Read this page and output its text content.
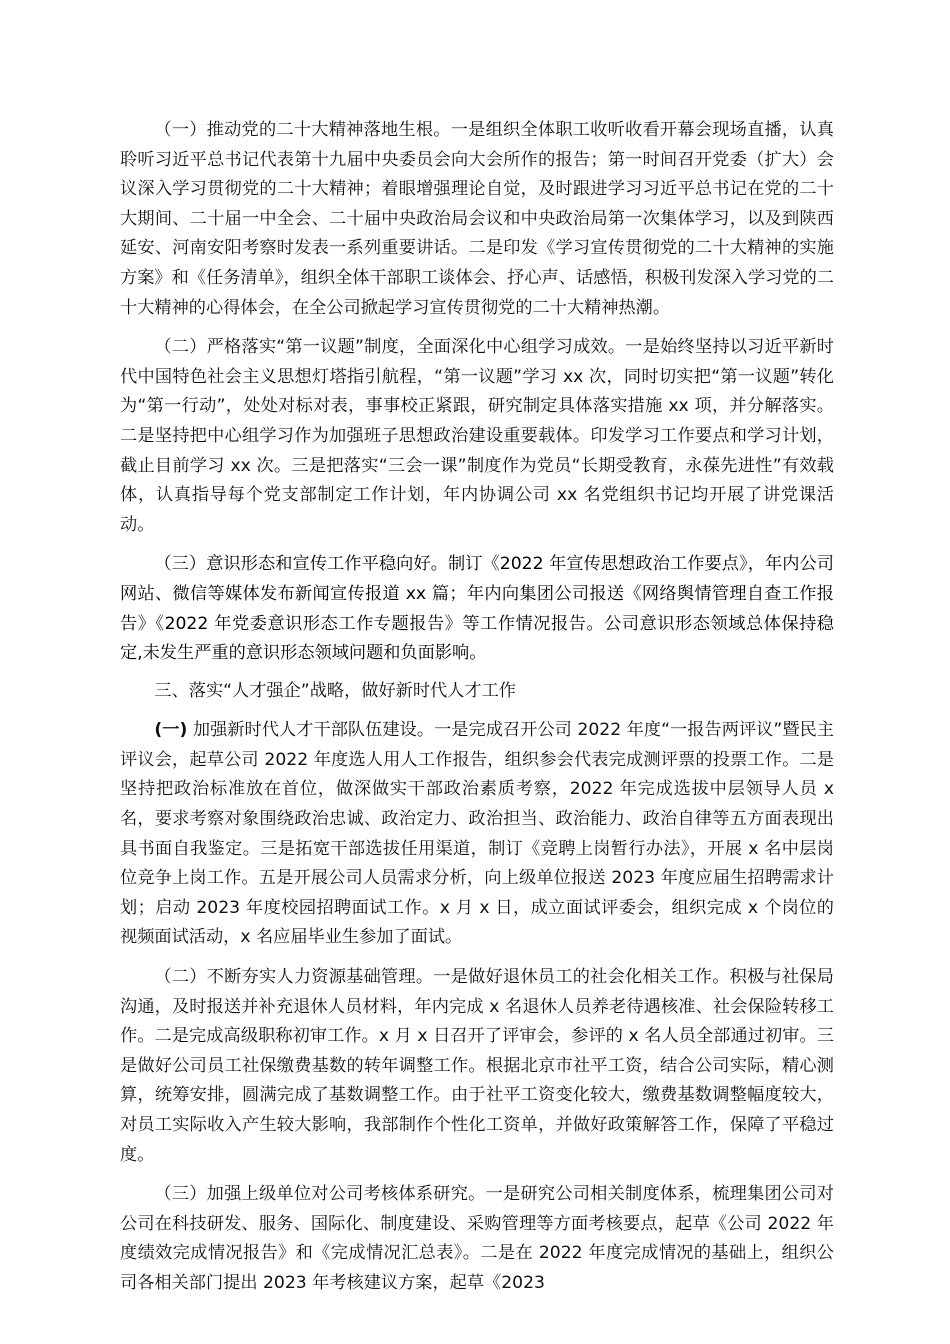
（一）推动党的二十大精神落地生根。一是组织全体职工收听收看开幕会现场直播，认真聆听习近平总书记代表第十九届中央委员会向大会所作的报告；第一时间召开党委（扩大）会议深入学习贯彻党的二十大精神；着眼增强理论自觉，及时跟进学习习近平总书记在党的二十大期间、二十届一中全会、二十届中央政治局会议和中央政治局第一次集体学习，以及到陕西延安、河南安阳考察时发表一系列重要讲话。二是印发《学习宣传贯彻党的二十大精神的实施方案》和《任务清单》，组织全体干部职工谈体会、抒心声、话感悟，积极刊发深入学习党的二十大精神的心得体会，在全公司掀起学习宣传贯彻党的二十大精神热潮。

（二）严格落实“第一议题”制度，全面深化中心组学习成效。一是始终坚持以习近平新时代中国特色社会主义思想灯塔指引航程，“第一议题”学习 xx 次，同时切实把“第一议题”转化为“第一行动”，处处对标对表，事事校正紧跟，研究制定具体落实措施 xx 项，并分解落实。二是坚持把中心组学习作为加强班子思想政治建设重要载体。印发学习工作要点和学习计划，截止目前学习 xx 次。三是把落实“三会一课”制度作为党员“长期受教育，永葆先进性”有效载体，认真指导每个党支部制定工作计划，年内协调公司 xx 名党组织书记均开展了讲党课活动。

（三）意识形态和宣传工作平稳向好。制订《2022 年宣传思想政治工作要点》，年内公司网站、微信等媒体发布新闻宣传报道 xx 篇；年内向集团公司报送《网络舆情管理自查工作报告》《2022 年党委意识形态工作专题报告》等工作情况报告。公司意识形态领域总体保持稳定,未发生严重的意识形态领域问题和负面影响。

三、落实“人才强企”战略，做好新时代人才工作

(一) 加强新时代人才干部队伍建设。一是完成召开公司 2022 年度“一报告两评议”暨民主评议会，起草公司 2022 年度选人用人工作报告，组织参会代表完成测评票的投票工作。二是坚持把政治标准放在首位，做深做实干部政治素质考察，2022 年完成选拔中层领导人员 x 名，要求考察对象围绕政治忠诚、政治定力、政治担当、政治能力、政治自律等五方面表现出具书面自我鉴定。三是拓宽干部选拔任用渠道，制订《竞聘上岗暂行办法》，开展 x 名中层岗位竞争上岗工作。五是开展公司人员需求分析，向上级单位报送 2023 年度应届生招聘需求计划；启动 2023 年度校园招聘面试工作。x 月 x 日，成立面试评委会，组织完成 x 个岗位的视频面试活动，x 名应届毕业生参加了面试。

（二）不断夯实人力资源基础管理。一是做好退休员工的社会化相关工作。积极与社保局沟通，及时报送并补充退休人员材料，年内完成 x 名退休人员养老待遇核准、社会保险转移工作。二是完成高级职称初审工作。x 月 x 日召开了评审会，参评的 x 名人员全部通过初审。三是做好公司员工社保缴费基数的转年调整工作。根据北京市社平工资，结合公司实际，精心测算，统筹安排，圆满完成了基数调整工作。由于社平工资变化较大，缴费基数调整幅度较大，对员工实际收入产生较大影响，我部制作个性化工资单，并做好政策解答工作，保障了平稳过度。

（三）加强上级单位对公司考核体系研究。一是研究公司相关制度体系，梳理集团公司对公司在科技研发、服务、国际化、制度建设、采购管理等方面考核要点，起草《公司 2022 年度绩效完成情况报告》和《完成情况汇总表》。二是在 2022 年度完成情况的基础上，组织公司各相关部门提出 2023 年考核建议方案，起草《2023
